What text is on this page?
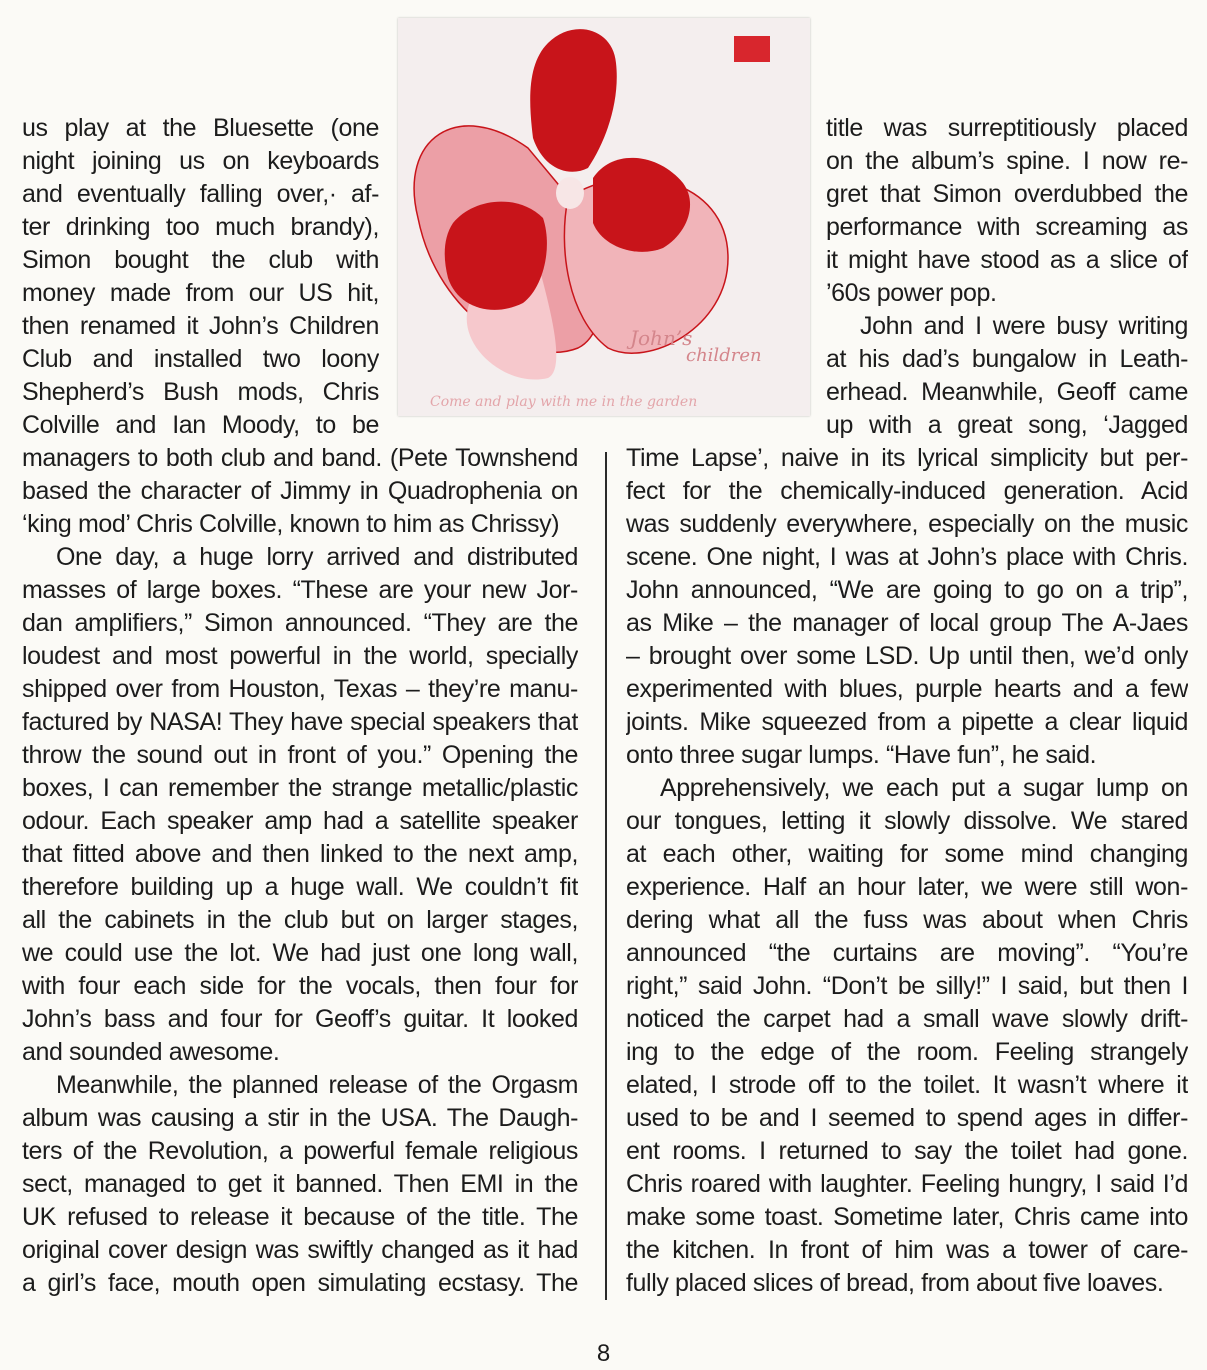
John’s
children
Come and play with me in the garden
us play at the Bluesette (one
night joining us on keyboards
and eventually falling over,· af-
ter drinking too much brandy),
Simon bought the club with
money made from our US hit,
then renamed it John’s Children
Club and installed two loony
Shepherd’s Bush mods, Chris
Colville and Ian Moody, to be
managers to both club and band. (Pete Townshend
based the character of Jimmy in Quadrophenia on
‘king mod’ Chris Colville, known to him as Chrissy)
One day, a huge lorry arrived and distributed
masses of large boxes. “These are your new Jor-
dan amplifiers,” Simon announced. “They are the
loudest and most powerful in the world, specially
shipped over from Houston, Texas – they’re manu-
factured by NASA! They have special speakers that
throw the sound out in front of you.” Opening the
boxes, I can remember the strange metallic/plastic
odour. Each speaker amp had a satellite speaker
that fitted above and then linked to the next amp,
therefore building up a huge wall. We couldn’t fit
all the cabinets in the club but on larger stages,
we could use the lot. We had just one long wall,
with four each side for the vocals, then four for
John’s bass and four for Geoff’s guitar. It looked
and sounded awesome.
Meanwhile, the planned release of the Orgasm
album was causing a stir in the USA. The Daugh-
ters of the Revolution, a powerful female religious
sect, managed to get it banned. Then EMI in the
UK refused to release it because of the title. The
original cover design was swiftly changed as it had
a girl’s face, mouth open simulating ecstasy. The
title was surreptitiously placed
on the album’s spine. I now re-
gret that Simon overdubbed the
performance with screaming as
it might have stood as a slice of
’60s power pop.
John and I were busy writing
at his dad’s bungalow in Leath-
erhead. Meanwhile, Geoff came
up with a great song, ‘Jagged
Time Lapse’, naive in its lyrical simplicity but per-
fect for the chemically-induced generation. Acid
was suddenly everywhere, especially on the music
scene. One night, I was at John’s place with Chris.
John announced, “We are going to go on a trip”,
as Mike – the manager of local group The A-Jaes
– brought over some LSD. Up until then, we’d only
experimented with blues, purple hearts and a few
joints. Mike squeezed from a pipette a clear liquid
onto three sugar lumps. “Have fun”, he said.
Apprehensively, we each put a sugar lump on
our tongues, letting it slowly dissolve. We stared
at each other, waiting for some mind changing
experience. Half an hour later, we were still won-
dering what all the fuss was about when Chris
announced “the curtains are moving”. “You’re
right,” said John. “Don’t be silly!” I said, but then I
noticed the carpet had a small wave slowly drift-
ing to the edge of the room. Feeling strangely
elated, I strode off to the toilet. It wasn’t where it
used to be and I seemed to spend ages in differ-
ent rooms. I returned to say the toilet had gone.
Chris roared with laughter. Feeling hungry, I said I’d
make some toast. Sometime later, Chris came into
the kitchen. In front of him was a tower of care-
fully placed slices of bread, from about five loaves.
8
